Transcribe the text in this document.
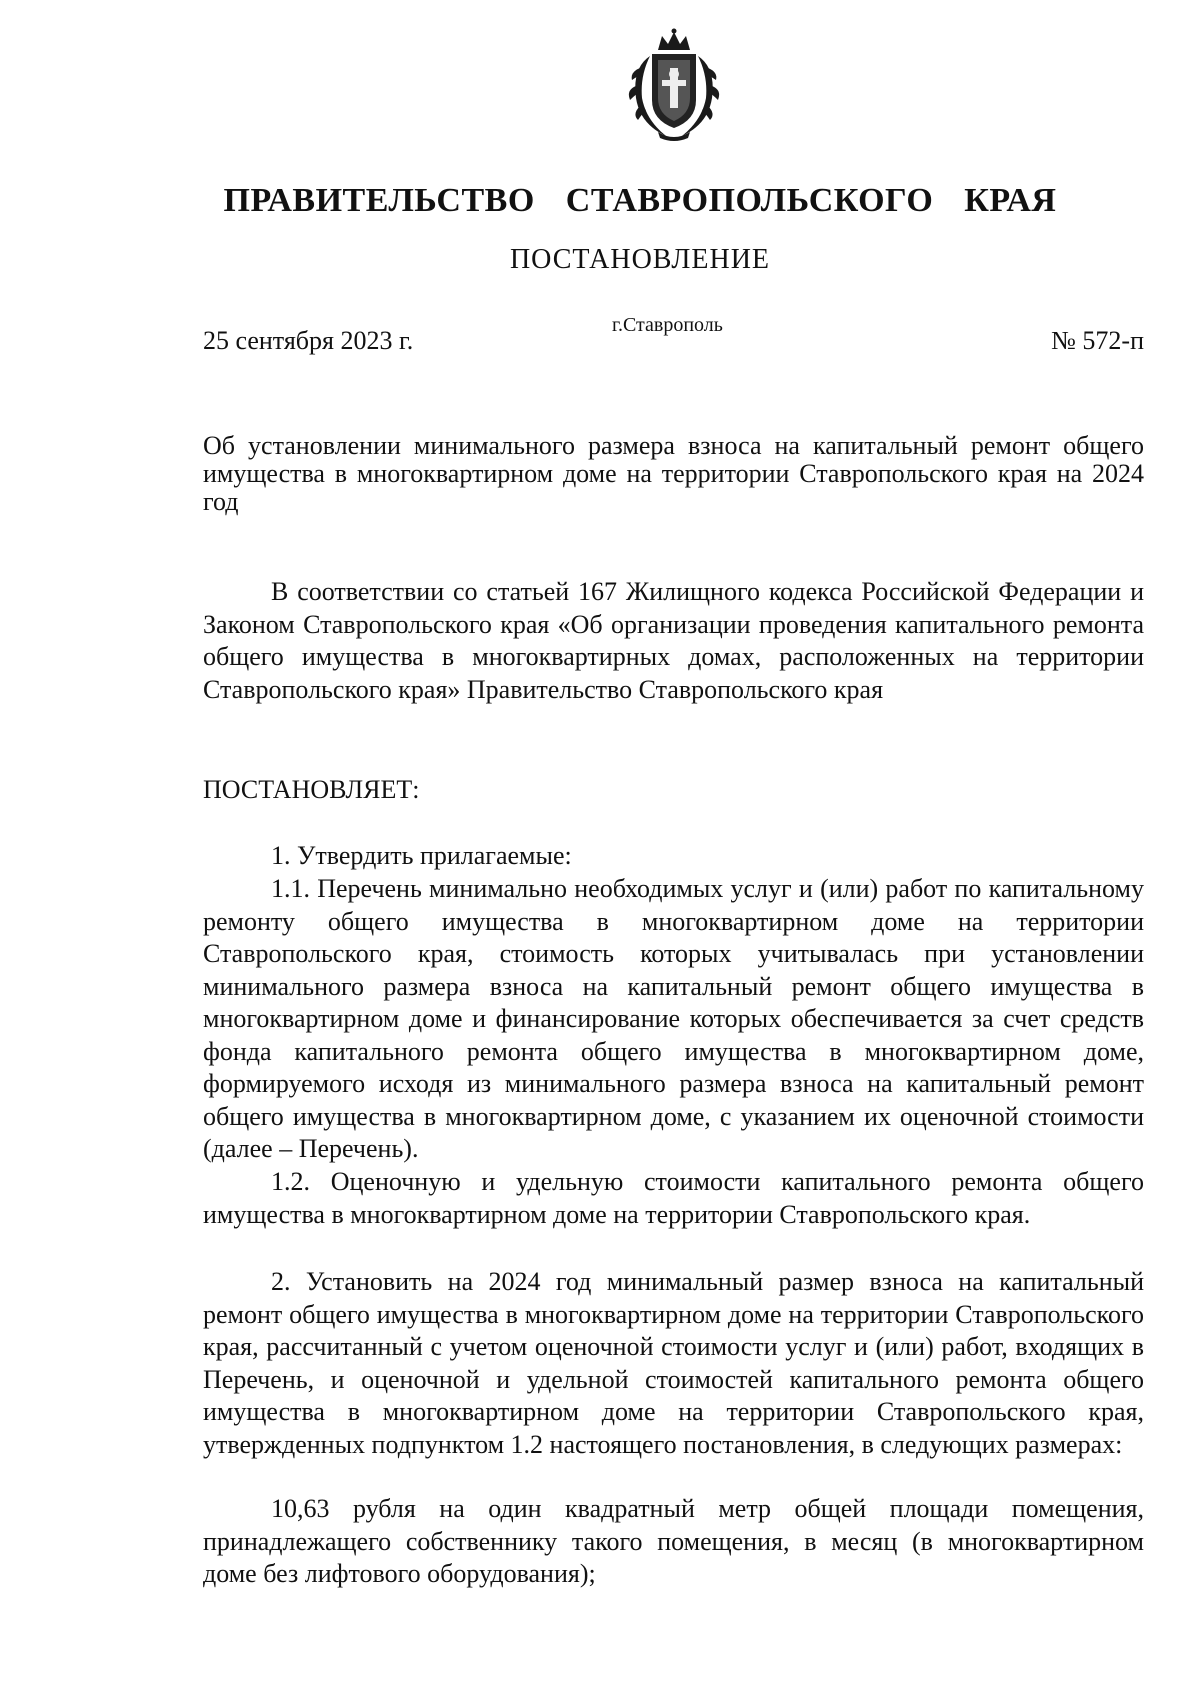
ПРАВИТЕЛЬСТВО СТАВРОПОЛЬСКОГО КРАЯ
ПОСТАНОВЛЕНИЕ
25 сентября 2023 г.
г.Ставрополь
№ 572-п

Об установлении минимального размера взноса на капитальный ремонт общего имущества в многоквартирном доме на территории Ставропольского края на 2024 год

В соответствии со статьей 167 Жилищного кодекса Российской Федерации и Законом Ставропольского края «Об организации проведения капитального ремонта общего имущества в многоквартирных домах, расположенных на территории Ставропольского края» Правительство Ставропольского края

ПОСТАНОВЛЯЕТ:

1. Утвердить прилагаемые:

1.1. Перечень минимально необходимых услуг и (или) работ по капитальному ремонту общего имущества в многоквартирном доме на территории Ставропольского края, стоимость которых учитывалась при установлении минимального размера взноса на капитальный ремонт общего имущества в многоквартирном доме и финансирование которых обеспечивается за счет средств фонда капитального ремонта общего имущества в многоквартирном доме, формируемого исходя из минимального размера взноса на капитальный ремонт общего имущества в многоквартирном доме, с указанием их оценочной стоимости (далее – Перечень).

1.2. Оценочную и удельную стоимости капитального ремонта общего имущества в многоквартирном доме на территории Ставропольского края.

2. Установить на 2024 год минимальный размер взноса на капитальный ремонт общего имущества в многоквартирном доме на территории Ставропольского края, рассчитанный с учетом оценочной стоимости услуг и (или) работ, входящих в Перечень, и оценочной и удельной стоимостей капитального ремонта общего имущества в многоквартирном доме на территории Ставропольского края, утвержденных подпунктом 1.2 настоящего постановления, в следующих размерах:

10,63 рубля на один квадратный метр общей площади помещения, принадлежащего собственнику такого помещения, в месяц (в многоквартирном доме без лифтового оборудования);
